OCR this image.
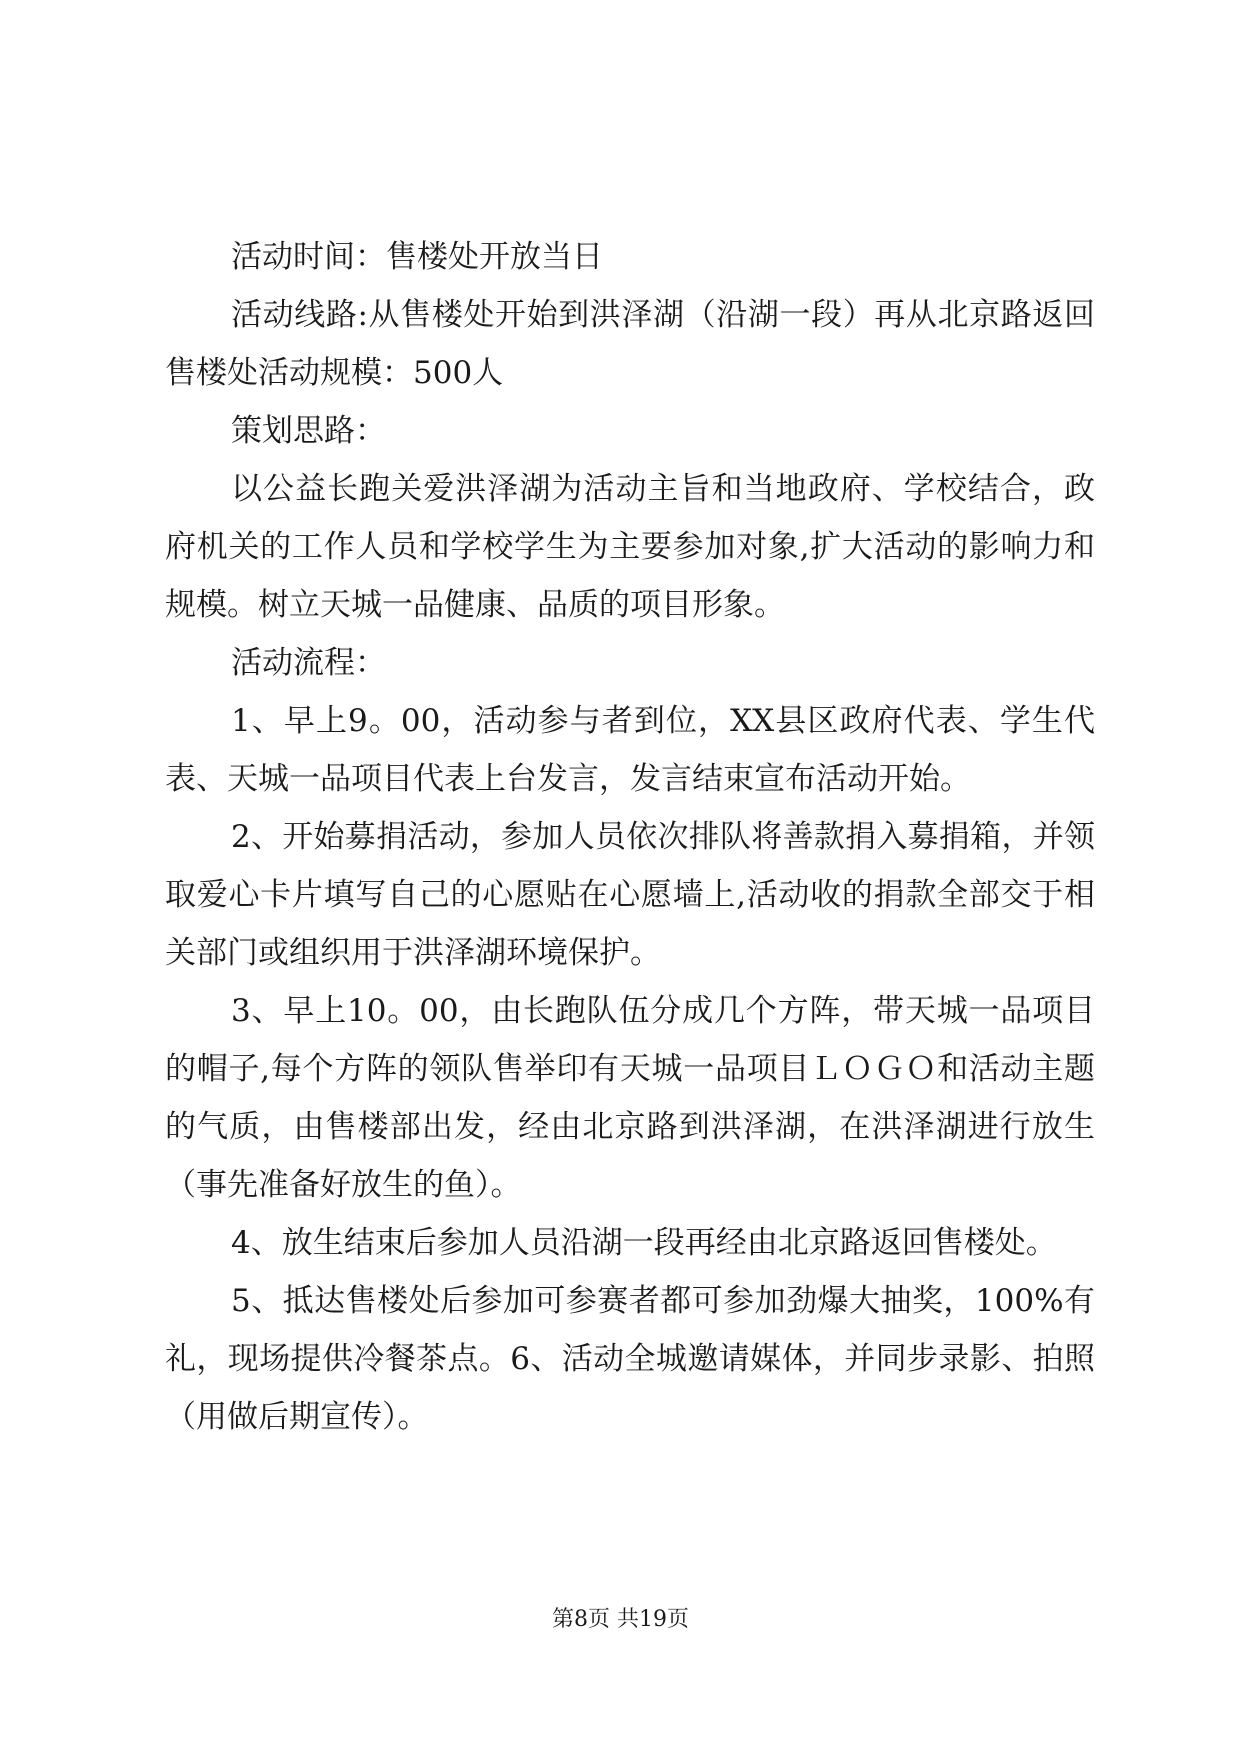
活动时间：售楼处开放当日

活动线路:从售楼处开始到洪泽湖（沿湖一段）再从北京路返回售楼处活动规模：500人

策划思路：

以公益长跑关爱洪泽湖为活动主旨和当地政府、学校结合，政府机关的工作人员和学校学生为主要参加对象,扩大活动的影响力和规模。树立天城一品健康、品质的项目形象。

活动流程：

1、早上9。00，活动参与者到位，XX县区政府代表、学生代表、天城一品项目代表上台发言，发言结束宣布活动开始。

2、开始募捐活动，参加人员依次排队将善款捐入募捐箱，并领取爱心卡片填写自己的心愿贴在心愿墙上,活动收的捐款全部交于相关部门或组织用于洪泽湖环境保护。

3、早上10。00，由长跑队伍分成几个方阵，带天城一品项目的帽子,每个方阵的领队售举印有天城一品项目ＬＯＧＯ和活动主题的气质，由售楼部出发，经由北京路到洪泽湖，在洪泽湖进行放生（事先准备好放生的鱼）。

4、放生结束后参加人员沿湖一段再经由北京路返回售楼处。

5、抵达售楼处后参加可参赛者都可参加劲爆大抽奖，100%有礼，现场提供冷餐茶点。6、活动全城邀请媒体，并同步录影、拍照（用做后期宣传）。

第8页 共19页
